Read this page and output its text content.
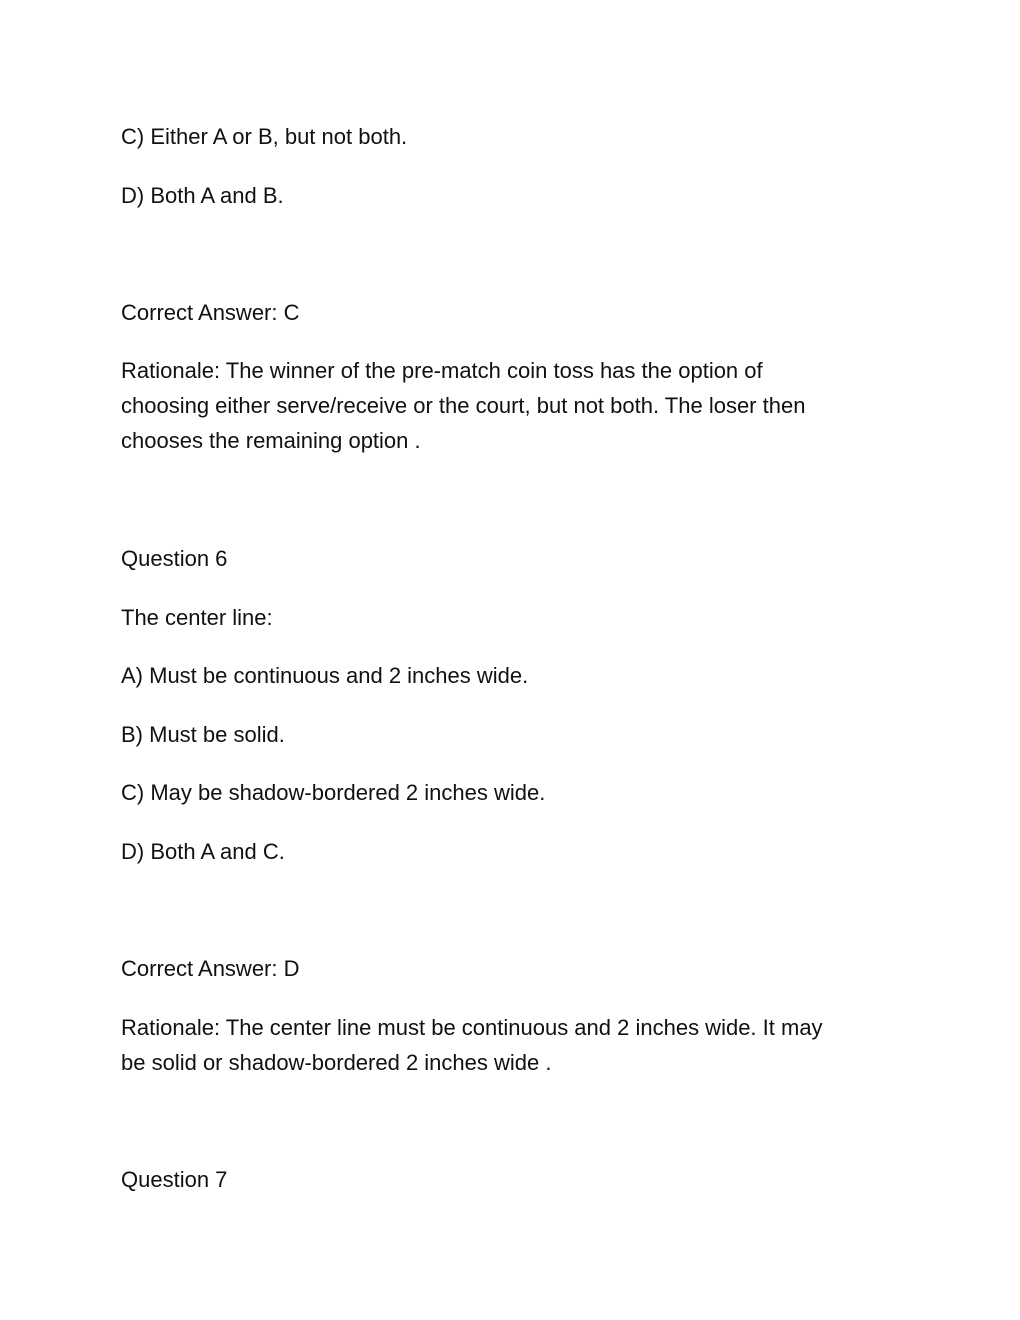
C) Either A or B, but not both.

D) Both A and B.

Correct Answer: C

Rationale: The winner of the pre-match coin toss has the option of
choosing either serve/receive or the court, but not both. The loser then
chooses the remaining option .

Question 6

The center line:

A) Must be continuous and 2 inches wide.

B) Must be solid.

C) May be shadow-bordered 2 inches wide.

D) Both A and C.

Correct Answer: D

Rationale: The center line must be continuous and 2 inches wide. It may
be solid or shadow-bordered 2 inches wide .

Question 7
